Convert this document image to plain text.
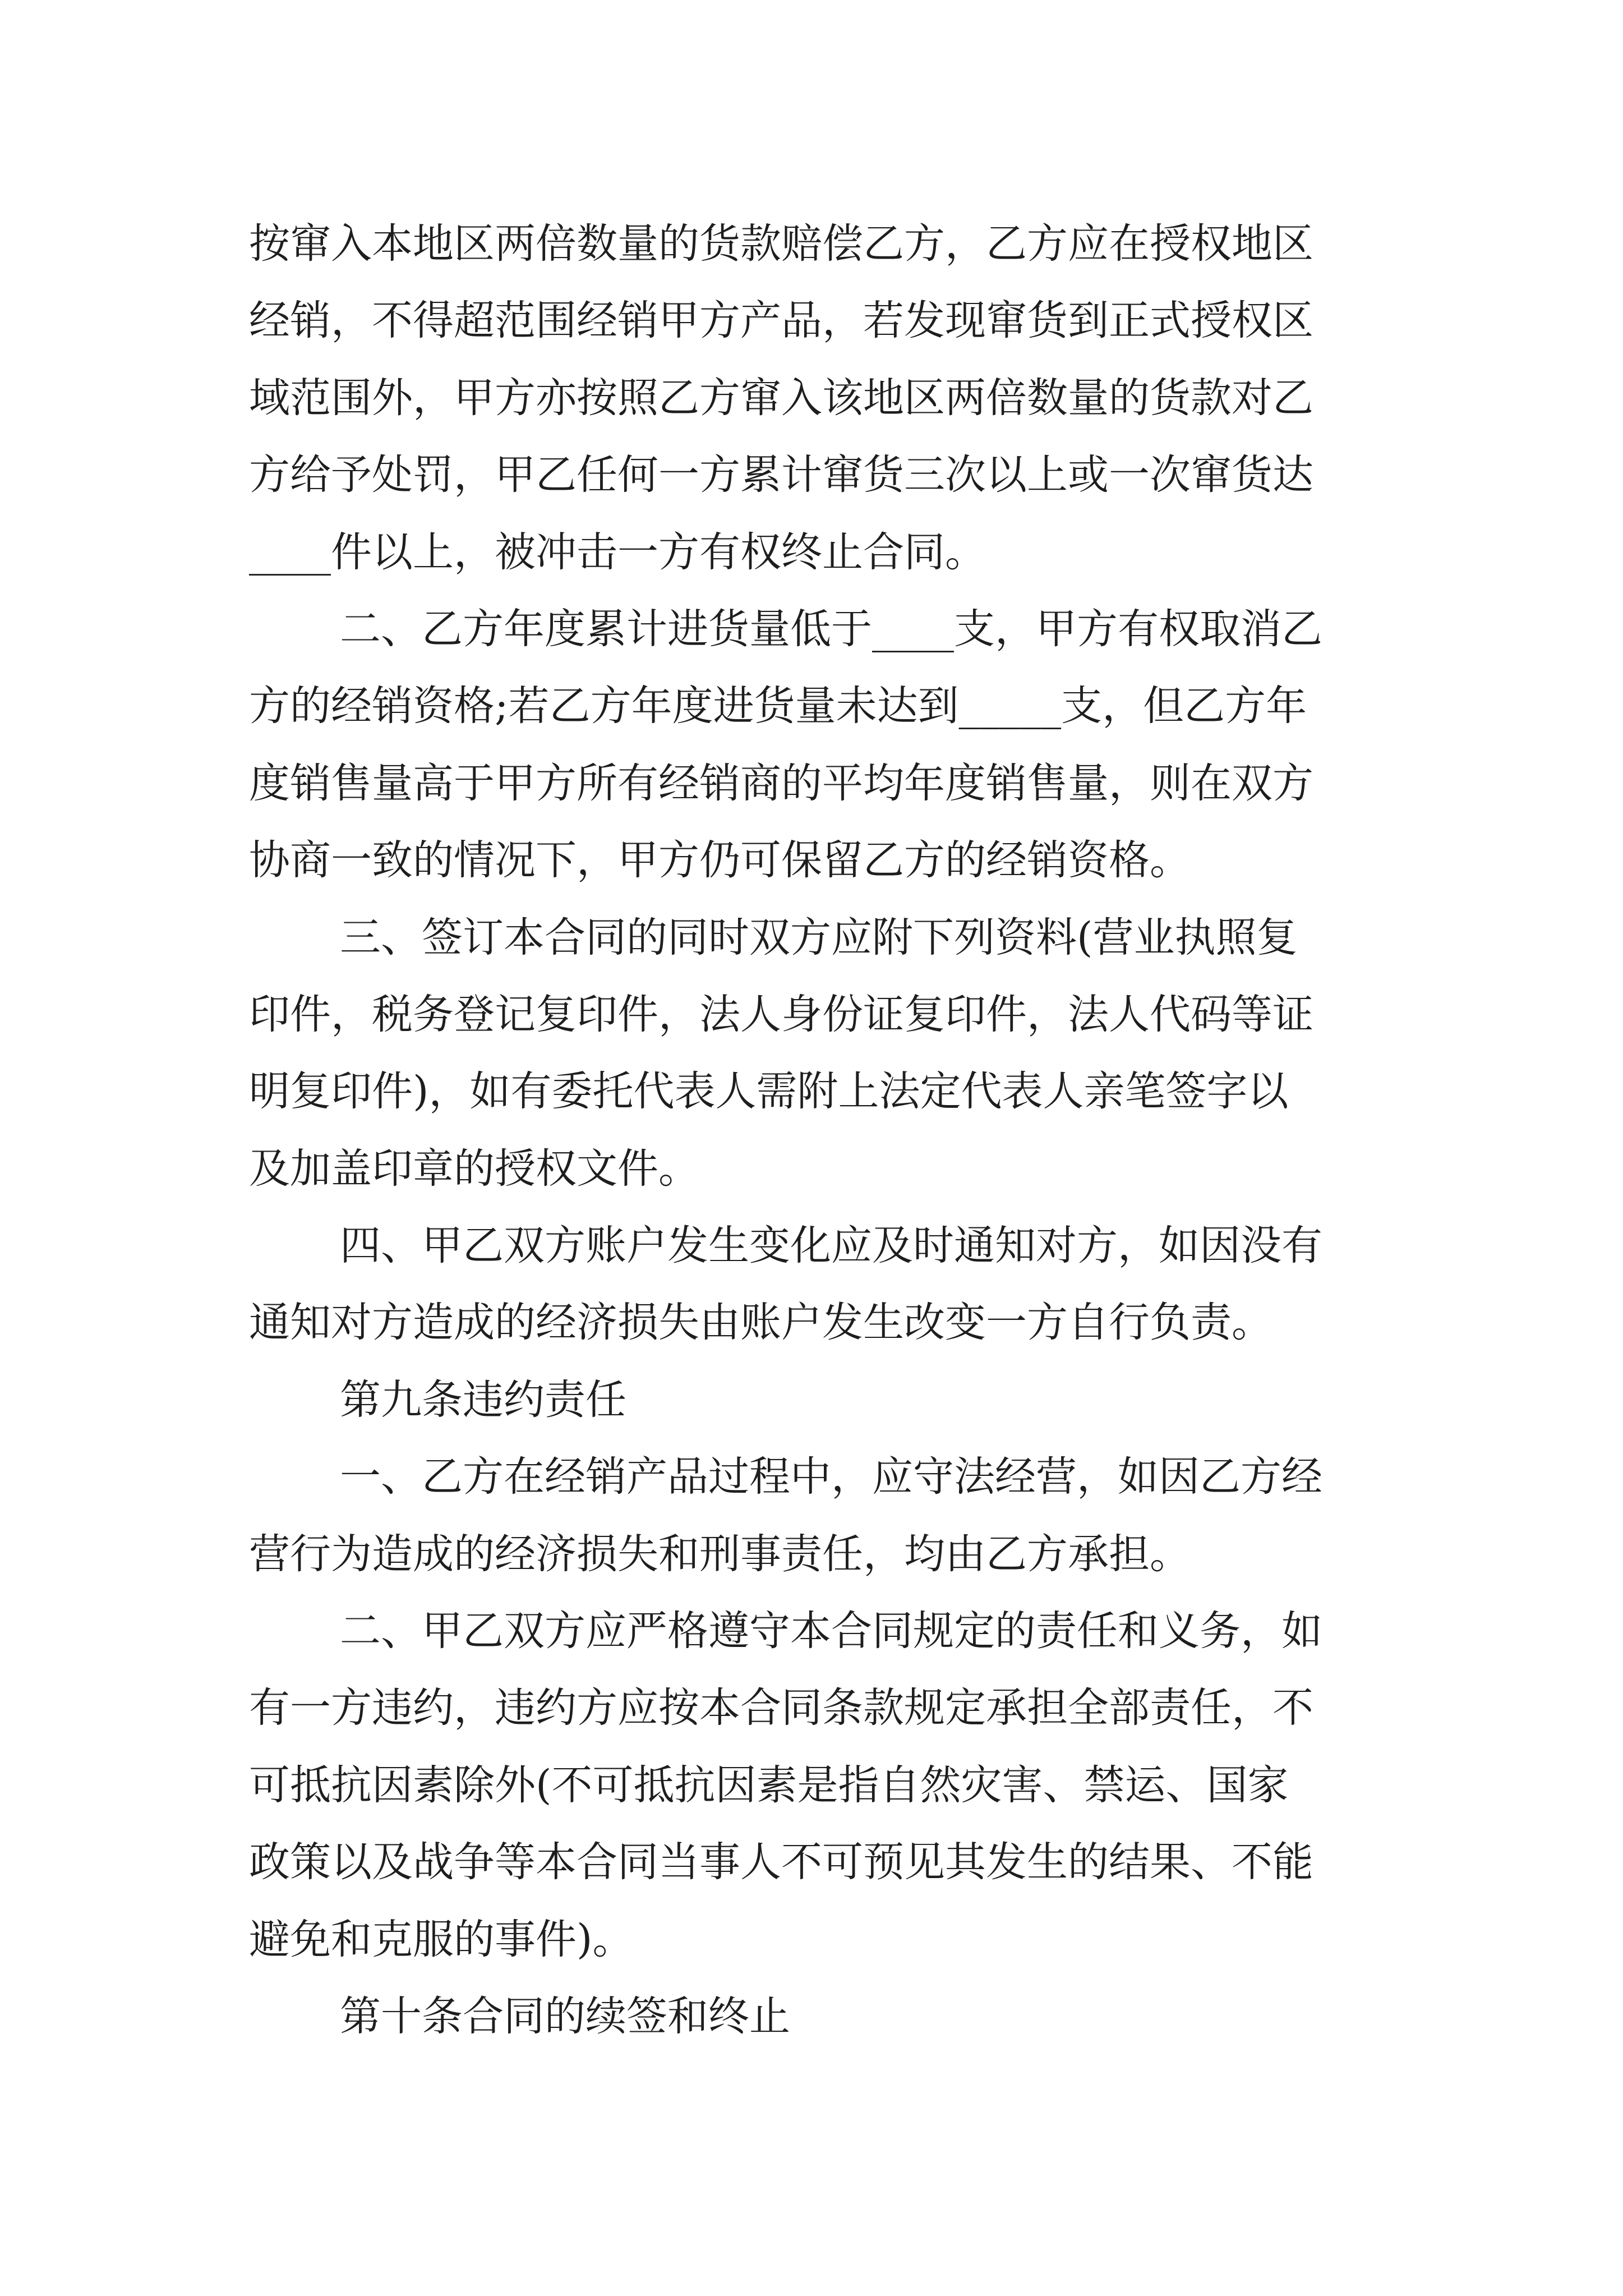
按窜入本地区两倍数量的货款赔偿乙方，乙方应在授权地区

经销，不得超范围经销甲方产品，若发现窜货到正式授权区

域范围外，甲方亦按照乙方窜入该地区两倍数量的货款对乙

方给予处罚，甲乙任何一方累计窜货三次以上或一次窜货达

____件以上，被冲击一方有权终止合同。

二、乙方年度累计进货量低于____支，甲方有权取消乙

方的经销资格;若乙方年度进货量未达到_____支，但乙方年

度销售量高于甲方所有经销商的平均年度销售量，则在双方

协商一致的情况下，甲方仍可保留乙方的经销资格。

三、签订本合同的同时双方应附下列资料(营业执照复

印件，税务登记复印件，法人身份证复印件，法人代码等证

明复印件)，如有委托代表人需附上法定代表人亲笔签字以

及加盖印章的授权文件。

四、甲乙双方账户发生变化应及时通知对方，如因没有

通知对方造成的经济损失由账户发生改变一方自行负责。

第九条违约责任

一、乙方在经销产品过程中，应守法经营，如因乙方经

营行为造成的经济损失和刑事责任，均由乙方承担。

二、甲乙双方应严格遵守本合同规定的责任和义务，如

有一方违约，违约方应按本合同条款规定承担全部责任，不

可抵抗因素除外(不可抵抗因素是指自然灾害、禁运、国家

政策以及战争等本合同当事人不可预见其发生的结果、不能

避免和克服的事件)。

第十条合同的续签和终止
